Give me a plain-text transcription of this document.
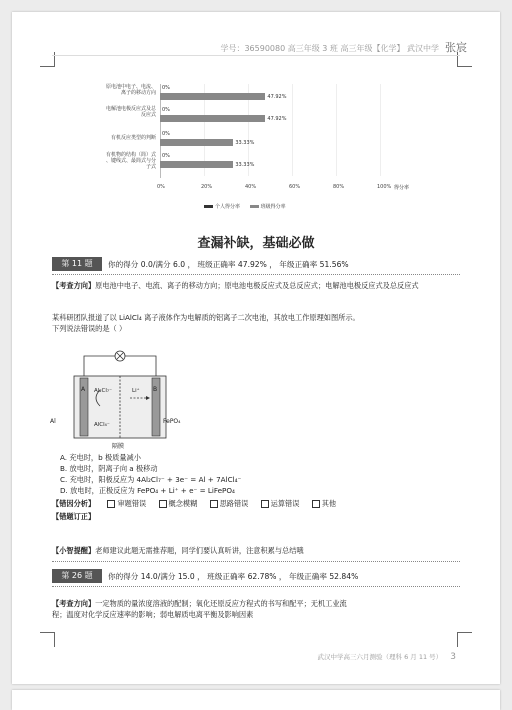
学号：36590080 高三年级 3 班 高三年级【化学】 武汉中学 张宸
原电池中电子、电流、
离子的移动方向
0%
47.92%
电解池电极反应式及总
反应式
0%
47.92%
有机反应类型的判断
0%
33.33%
有机物的结构（简）式
、键线式、最简式与分
子式
0%
33.33%
0%	20%	40%	60%	80%	100%
个人得分率	班级得分率
得分率
查漏补缺，基础必做
第 11 题	你的得分 0.0/满分 6.0 ， 班级正确率 47.92% ， 年级正确率 51.56%
【考查方向】原电池中电子、电流、离子的移动方向；原电池电极反应式及总反应式；电解池电极反应式及总反应式
某科研团队报道了以 LiAlCl₄ 离子液体作为电解质的铝离子二次电池，其放电工作原理如图所示。
下列说法错误的是（ ）
Al
A	B
Al₂Cl₇⁻
AlCl₄⁻
Li⁺
FePO₄
隔膜
A. 充电时，b 极质量减小
B. 放电时，阴离子向 a 极移动
C. 充电时，阳极反应为 4Al₂Cl₇⁻ + 3e⁻ = Al + 7AlCl₄⁻
D. 放电时，正极反应为 FePO₄ + Li⁺ + e⁻ = LiFePO₄
【错因分析】	审题错误	概念模糊	思路错误	运算错误	其他
【错题订正】
【小智提醒】老师建议此题无需推荐题，同学们要认真听讲，注意积累与总结哦
第 26 题	你的得分 14.0/满分 15.0 ， 班级正确率 62.78% ， 年级正确率 52.84%
【考查方向】一定物质的量浓度溶液的配制；氧化还原反应方程式的书写和配平；无机工业流
程；温度对化学反应速率的影响；弱电解质电离平衡及影响因素
武汉中学高三六月测验（理科 6 月 11 号） 3
